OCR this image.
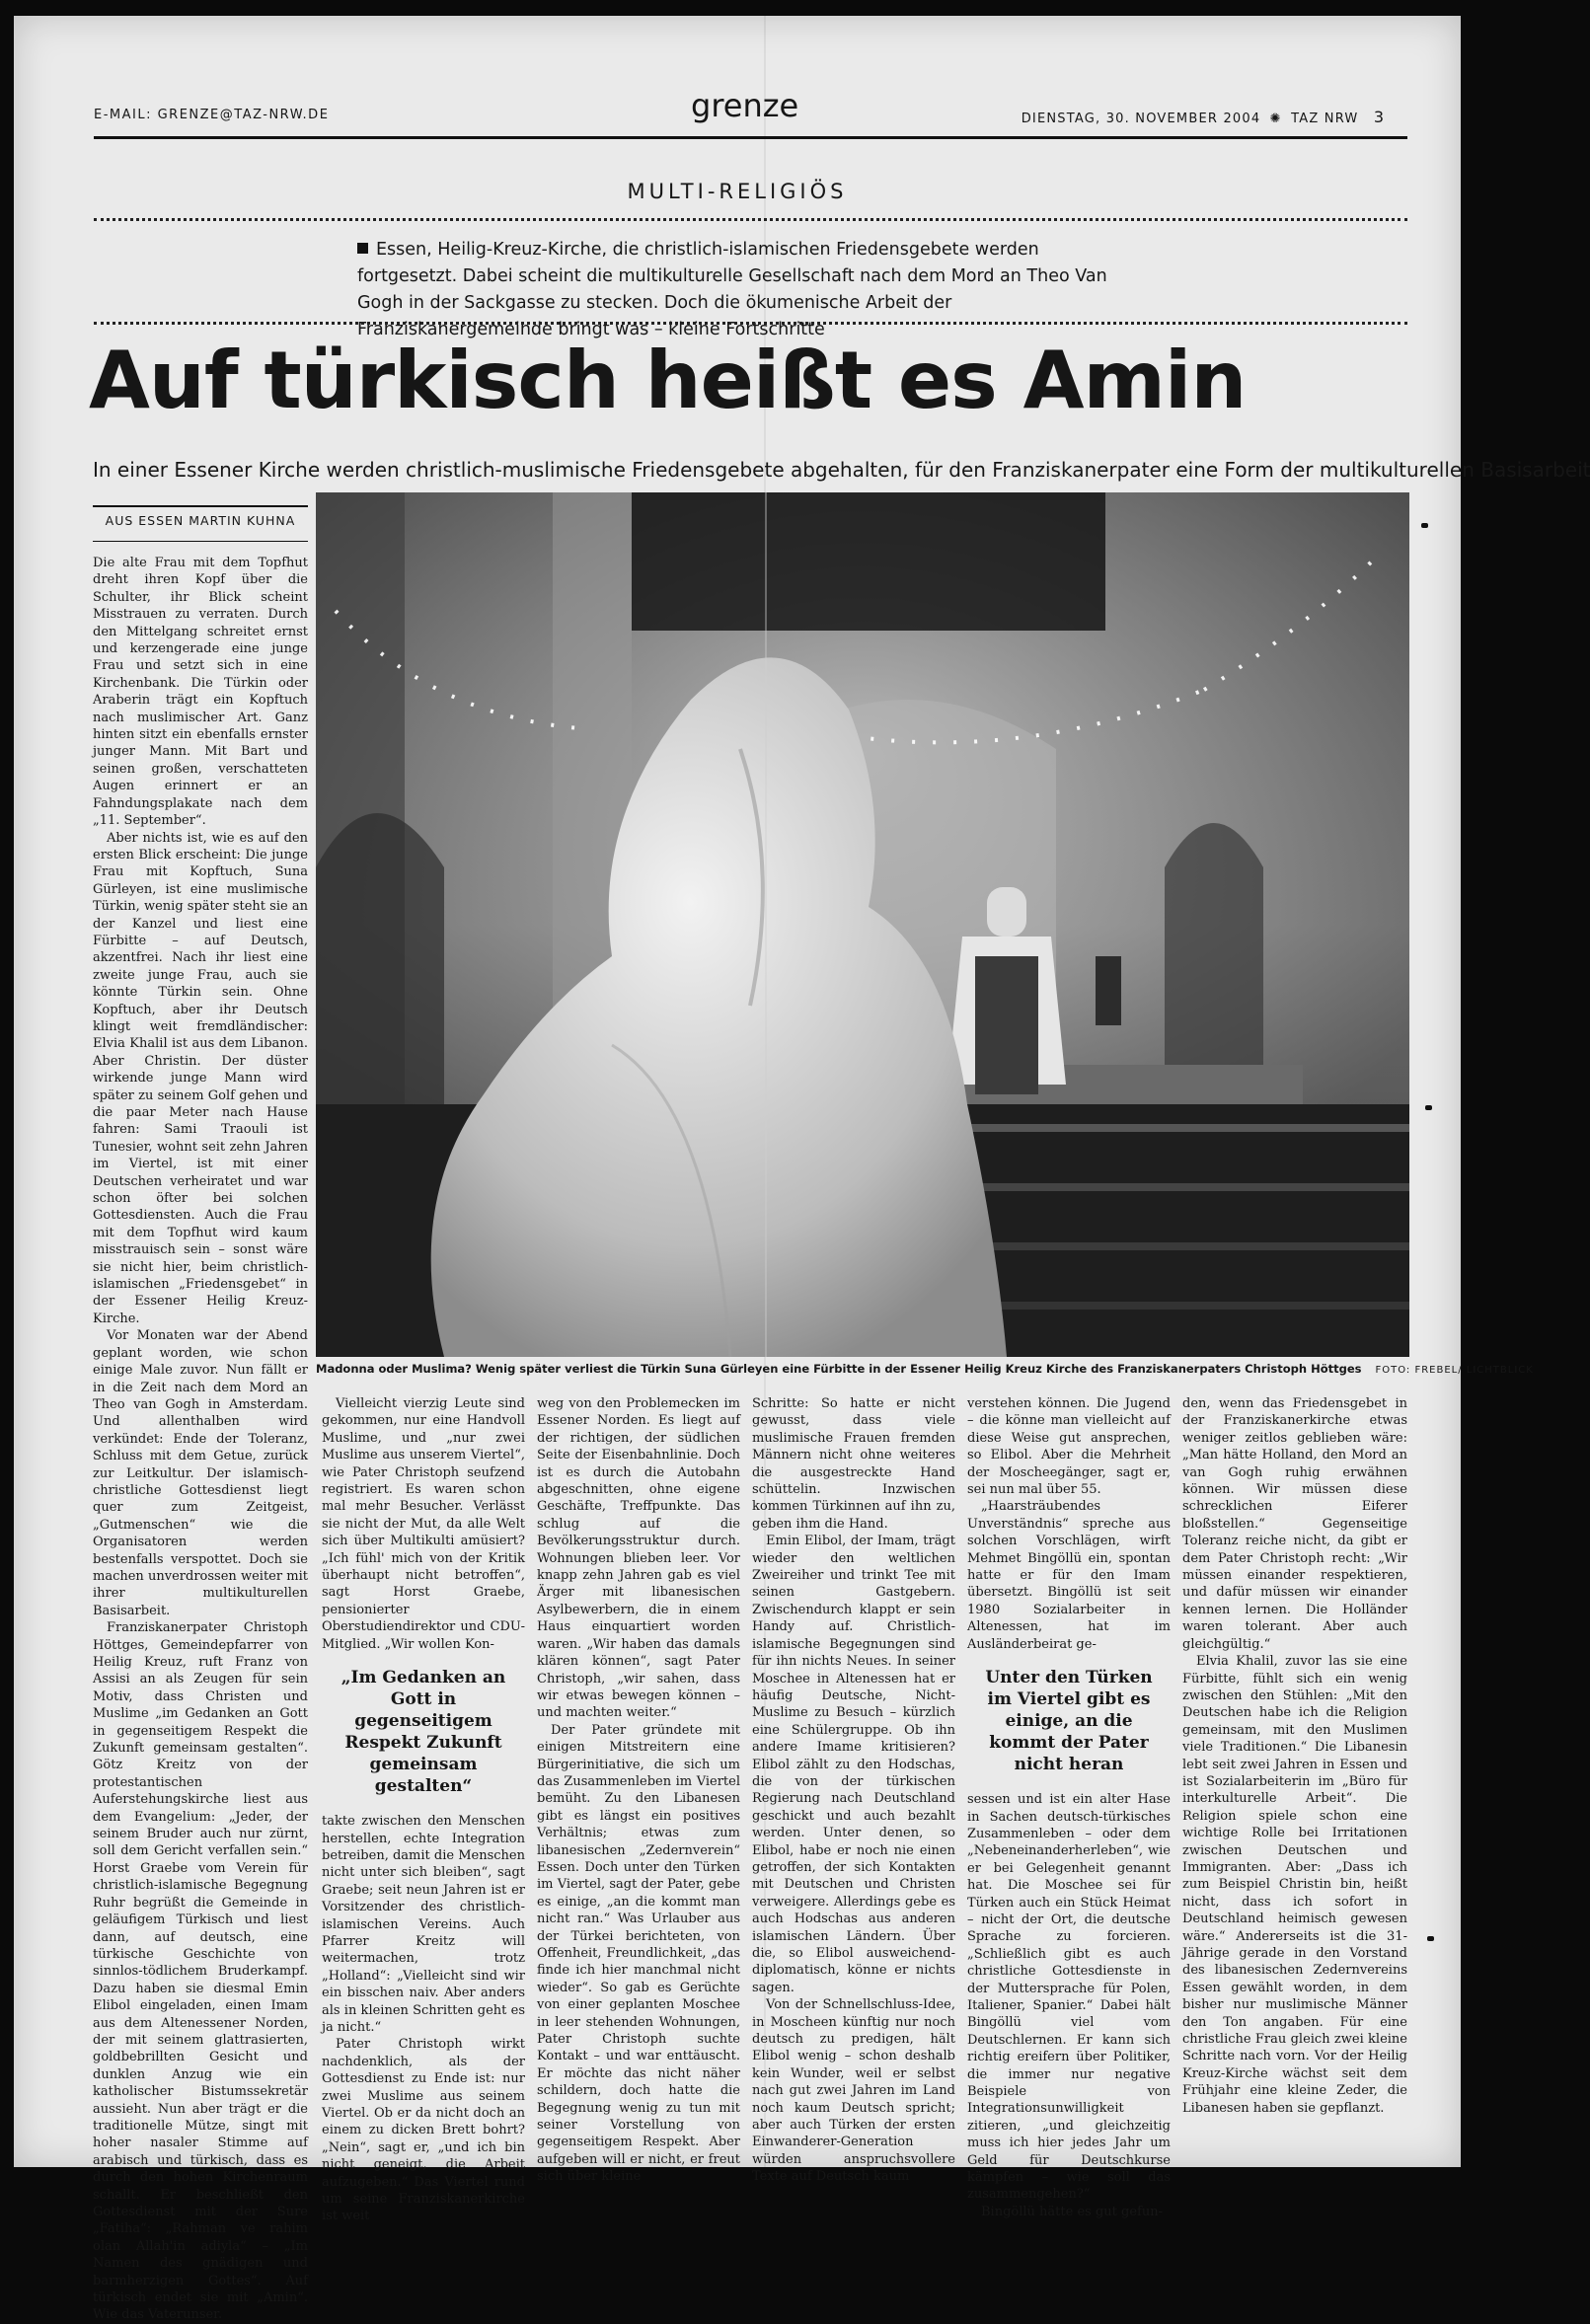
E-MAIL: GRENZE@TAZ-NRW.DE	grenze	DIENSTAG, 30. NOVEMBER 2004 ✺ TAZ NRW 3
MULTI-RELIGIÖS
Essen, Heilig-Kreuz-Kirche, die christlich-islamischen Friedensgebete werden fortgesetzt. Dabei scheint die multikulturelle Gesellschaft nach dem Mord an Theo Van Gogh in der Sackgasse zu stecken. Doch die ökumenische Arbeit der Franziskanergemeinde bringt was – kleine Fortschritte
Auf türkisch heißt es Amin
In einer Essener Kirche werden christlich-muslimische Friedensgebete abgehalten, für den Franziskanerpater eine Form der multikulturellen Basisarbeit
AUS ESSEN MARTIN KUHNA

Die alte Frau mit dem Topfhut dreht ihren Kopf über die Schulter, ihr Blick scheint Misstrauen zu verraten. Durch den Mittelgang schreitet ernst und kerzengerade eine junge Frau und setzt sich in eine Kirchenbank. Die Türkin oder Araberin trägt ein Kopftuch nach muslimischer Art. Ganz hinten sitzt ein ebenfalls ernster junger Mann. Mit Bart und seinen großen, verschatteten Augen erinnert er an Fahndungsplakate nach dem „11. September“.

Aber nichts ist, wie es auf den ersten Blick erscheint: Die junge Frau mit Kopftuch, Suna Gürleyen, ist eine muslimische Türkin, wenig später steht sie an der Kanzel und liest eine Fürbitte – auf Deutsch, akzentfrei. Nach ihr liest eine zweite junge Frau, auch sie könnte Türkin sein. Ohne Kopftuch, aber ihr Deutsch klingt weit fremdländischer: Elvia Khalil ist aus dem Libanon. Aber Christin. Der düster wirkende junge Mann wird später zu seinem Golf gehen und die paar Meter nach Hause fahren: Sami Traouli ist Tunesier, wohnt seit zehn Jahren im Viertel, ist mit einer Deutschen verheiratet und war schon öfter bei solchen Gottesdiensten. Auch die Frau mit dem Topfhut wird kaum misstrauisch sein – sonst wäre sie nicht hier, beim christlich-islamischen „Friedensgebet“ in der Essener Heilig Kreuz-Kirche.

Vor Monaten war der Abend geplant worden, wie schon einige Male zuvor. Nun fällt er in die Zeit nach dem Mord an Theo van Gogh in Amsterdam. Und allenthalben wird verkündet: Ende der Toleranz, Schluss mit dem Getue, zurück zur Leitkultur. Der islamisch-christliche Gottesdienst liegt quer zum Zeitgeist, „Gutmenschen“ wie die Organisatoren werden bestenfalls verspottet. Doch sie machen unverdrossen weiter mit ihrer multikulturellen Basisarbeit.

Franziskanerpater Christoph Höttges, Gemeindepfarrer von Heilig Kreuz, ruft Franz von Assisi an als Zeugen für sein Motiv, dass Christen und Muslime „im Gedanken an Gott in gegenseitigem Respekt die Zukunft gemeinsam gestalten“. Götz Kreitz von der protestantischen Auferstehungskirche liest aus dem Evangelium: „Jeder, der seinem Bruder auch nur zürnt, soll dem Gericht verfallen sein.“ Horst Graebe vom Verein für christlich-islamische Begegnung Ruhr begrüßt die Gemeinde in geläufigem Türkisch und liest dann, auf deutsch, eine türkische Geschichte von sinnlos-tödlichem Bruderkampf. Dazu haben sie diesmal Emin Elibol eingeladen, einen Imam aus dem Altenessener Norden, der mit seinem glattrasierten, goldbebrillten Gesicht und dunklen Anzug wie ein katholischer Bistumssekretär aussieht. Nun aber trägt er die traditionelle Mütze, singt mit hoher nasaler Stimme auf arabisch und türkisch, dass es durch den hohen Kirchenraum schallt. Er beschließt den Gottesdienst mit der Sure „Fatiha“: „Rahman ve rahim olan Allah'in adiyla“ – „Im Namen des gnädigen und barmherzigen Gottes“. Auf türkisch endet sie mit „Amin“. Wie das Vaterunser.

Madonna oder Muslima? Wenig später verliest die Türkin Suna Gürleyen eine Fürbitte in der Essener Heilig Kreuz Kirche des Franziskanerpaters Christoph Höttges FOTO: FREBEL/ LICHTBLICK

Vielleicht vierzig Leute sind gekommen, nur eine Handvoll Muslime, und „nur zwei Muslime aus unserem Viertel“, wie Pater Christoph seufzend registriert. Es waren schon mal mehr Besucher. Verlässt sie nicht der Mut, da alle Welt sich über Multikulti amüsiert? „Ich fühl' mich von der Kritik überhaupt nicht betroffen“, sagt Horst Graebe, pensionierter Oberstudiendirektor und CDU-Mitglied. „Wir wollen Kon-

„Im Gedanken an Gott in gegenseitigem Respekt Zukunft gemeinsam gestalten“

takte zwischen den Menschen herstellen, echte Integration betreiben, damit die Menschen nicht unter sich bleiben“, sagt Graebe; seit neun Jahren ist er Vorsitzender des christlich-islamischen Vereins. Auch Pfarrer Kreitz will weitermachen, trotz „Holland“: „Vielleicht sind wir ein bisschen naiv. Aber anders als in kleinen Schritten geht es ja nicht.“

Pater Christoph wirkt nachdenklich, als der Gottesdienst zu Ende ist: nur zwei Muslime aus seinem Viertel. Ob er da nicht doch an einem zu dicken Brett bohrt? „Nein“, sagt er, „und ich bin nicht geneigt, die Arbeit aufzugeben.“ Das Viertel rund um seine Franziskanerkirche ist weit

weg von den Problemecken im Essener Norden. Es liegt auf der richtigen, der südlichen Seite der Eisenbahnlinie. Doch ist es durch die Autobahn abgeschnitten, ohne eigene Geschäfte, Treffpunkte. Das schlug auf die Bevölkerungsstruktur durch. Wohnungen blieben leer. Vor knapp zehn Jahren gab es viel Ärger mit libanesischen Asylbewerbern, die in einem Haus einquartiert worden waren. „Wir haben das damals klären können“, sagt Pater Christoph, „wir sahen, dass wir etwas bewegen können – und machten weiter.“

Der Pater gründete mit einigen Mitstreitern eine Bürgerinitiative, die sich um das Zusammenleben im Viertel bemüht. Zu den Libanesen gibt es längst ein positives Verhältnis; etwas zum libanesischen „Zedernverein“ Essen. Doch unter den Türken im Viertel, sagt der Pater, gebe es einige, „an die kommt man nicht ran.“ Was Urlauber aus der Türkei berichteten, von Offenheit, Freundlichkeit, „das finde ich hier manchmal nicht wieder“. So gab es Gerüchte von einer geplanten Moschee in leer stehenden Wohnungen, Pater Christoph suchte Kontakt – und war enttäuscht. Er möchte das nicht näher schildern, doch hatte die Begegnung wenig zu tun mit seiner Vorstellung von gegenseitigem Respekt. Aber aufgeben will er nicht, er freut sich über kleine

Schritte: So hatte er nicht gewusst, dass viele muslimische Frauen fremden Männern nicht ohne weiteres die ausgestreckte Hand schüttelin. Inzwischen kommen Türkinnen auf ihn zu, geben ihm die Hand.

Emin Elibol, der Imam, trägt wieder den weltlichen Zweireiher und trinkt Tee mit seinen Gastgebern. Zwischendurch klappt er sein Handy auf. Christlich-islamische Begegnungen sind für ihn nichts Neues. In seiner Moschee in Altenessen hat er häufig Deutsche, Nicht-Muslime zu Besuch – kürzlich eine Schülergruppe. Ob ihn andere Imame kritisieren? Elibol zählt zu den Hodschas, die von der türkischen Regierung nach Deutschland geschickt und auch bezahlt werden. Unter denen, so Elibol, habe er noch nie einen getroffen, der sich Kontakten mit Deutschen und Christen verweigere. Allerdings gebe es auch Hodschas aus anderen islamischen Ländern. Über die, so Elibol ausweichend-diplomatisch, könne er nichts sagen.

Von der Schnellschluss-Idee, in Moscheen künftig nur noch deutsch zu predigen, hält Elibol wenig – schon deshalb kein Wunder, weil er selbst nach gut zwei Jahren im Land noch kaum Deutsch spricht; aber auch Türken der ersten Einwanderer-Generation würden anspruchsvollere Texte auf Deutsch kaum

verstehen können. Die Jugend – die könne man vielleicht auf diese Weise gut ansprechen, so Elibol. Aber die Mehrheit der Moscheegänger, sagt er, sei nun mal über 55.

„Haarsträubendes Unverständnis“ spreche aus solchen Vorschlägen, wirft Mehmet Bingöllü ein, spontan hatte er für den Imam übersetzt. Bingöllü ist seit 1980 Sozialarbeiter in Altenessen, hat im Ausländerbeirat ge-

Unter den Türken im Viertel gibt es einige, an die kommt der Pater nicht heran

sessen und ist ein alter Hase in Sachen deutsch-türkisches Zusammenleben – oder dem „Nebeneinanderherleben“, wie er bei Gelegenheit genannt hat. Die Moschee sei für Türken auch ein Stück Heimat – nicht der Ort, die deutsche Sprache zu forcieren. „Schließlich gibt es auch christliche Gottesdienste in der Muttersprache für Polen, Italiener, Spanier.“ Dabei hält Bingöllü viel vom Deutschlernen. Er kann sich richtig ereifern über Politiker, die immer nur negative Beispiele von Integrationsunwilligkeit zitieren, „und gleichzeitig muss ich hier jedes Jahr um Geld für Deutschkurse kämpfen – wie soll das zusammengehen?“

Bingöllü hätte es gut gefun-

den, wenn das Friedensgebet in der Franziskanerkirche etwas weniger zeitlos geblieben wäre: „Man hätte Holland, den Mord an van Gogh ruhig erwähnen können. Wir müssen diese schrecklichen Eiferer bloßstellen.“ Gegenseitige Toleranz reiche nicht, da gibt er dem Pater Christoph recht: „Wir müssen einander respektieren, und dafür müssen wir einander kennen lernen. Die Holländer waren tolerant. Aber auch gleichgültig.“

Elvia Khalil, zuvor las sie eine Fürbitte, fühlt sich ein wenig zwischen den Stühlen: „Mit den Deutschen habe ich die Religion gemeinsam, mit den Muslimen viele Traditionen.“ Die Libanesin lebt seit zwei Jahren in Essen und ist Sozialarbeiterin im „Büro für interkulturelle Arbeit“. Die Religion spiele schon eine wichtige Rolle bei Irritationen zwischen Deutschen und Immigranten. Aber: „Dass ich zum Beispiel Christin bin, heißt nicht, dass ich sofort in Deutschland heimisch gewesen wäre.“ Andererseits ist die 31-Jährige gerade in den Vorstand des libanesischen Zedernvereins Essen gewählt worden, in dem bisher nur muslimische Männer den Ton angaben. Für eine christliche Frau gleich zwei kleine Schritte nach vorn. Vor der Heilig Kreuz-Kirche wächst seit dem Frühjahr eine kleine Zeder, die Libanesen haben sie gepflanzt.
